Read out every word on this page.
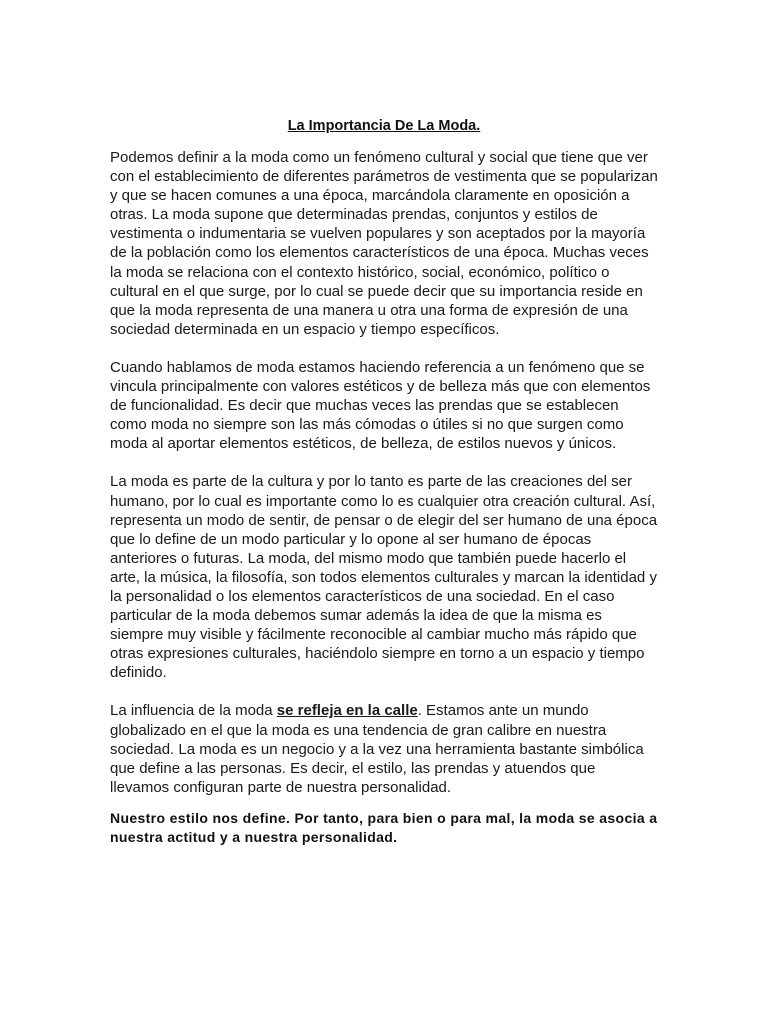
La Importancia De La Moda.

Podemos definir a la moda como un fenómeno cultural y social que tiene que ver con el establecimiento de diferentes parámetros de vestimenta que se popularizan y que se hacen comunes a una época, marcándola claramente en oposición a otras. La moda supone que determinadas prendas, conjuntos y estilos de vestimenta o indumentaria se vuelven populares y son aceptados por la mayoría de la población como los elementos característicos de una época. Muchas veces la moda se relaciona con el contexto histórico, social, económico, político o cultural en el que surge, por lo cual se puede decir que su importancia reside en que la moda representa de una manera u otra una forma de expresión de una sociedad determinada en un espacio y tiempo específicos.

Cuando hablamos de moda estamos haciendo referencia a un fenómeno que se vincula principalmente con valores estéticos y de belleza más que con elementos de funcionalidad. Es decir que muchas veces las prendas que se establecen como moda no siempre son las más cómodas o útiles si no que surgen como moda al aportar elementos estéticos, de belleza, de estilos nuevos y únicos.

La moda es parte de la cultura y por lo tanto es parte de las creaciones del ser humano, por lo cual es importante como lo es cualquier otra creación cultural. Así, representa un modo de sentir, de pensar o de elegir del ser humano de una época que lo define de un modo particular y lo opone al ser humano de épocas anteriores o futuras. La moda, del mismo modo que también puede hacerlo el arte, la música, la filosofía, son todos elementos culturales y marcan la identidad y la personalidad o los elementos característicos de una sociedad. En el caso particular de la moda debemos sumar además la idea de que la misma es siempre muy visible y fácilmente reconocible al cambiar mucho más rápido que otras expresiones culturales, haciéndolo siempre en torno a un espacio y tiempo definido.

La influencia de la moda se refleja en la calle. Estamos ante un mundo globalizado en el que la moda es una tendencia de gran calibre en nuestra sociedad. La moda es un negocio y a la vez una herramienta bastante simbólica que define a las personas. Es decir, el estilo, las prendas y atuendos que llevamos configuran parte de nuestra personalidad.

Nuestro estilo nos define. Por tanto, para bien o para mal, la moda se asocia a nuestra actitud y a nuestra personalidad.
